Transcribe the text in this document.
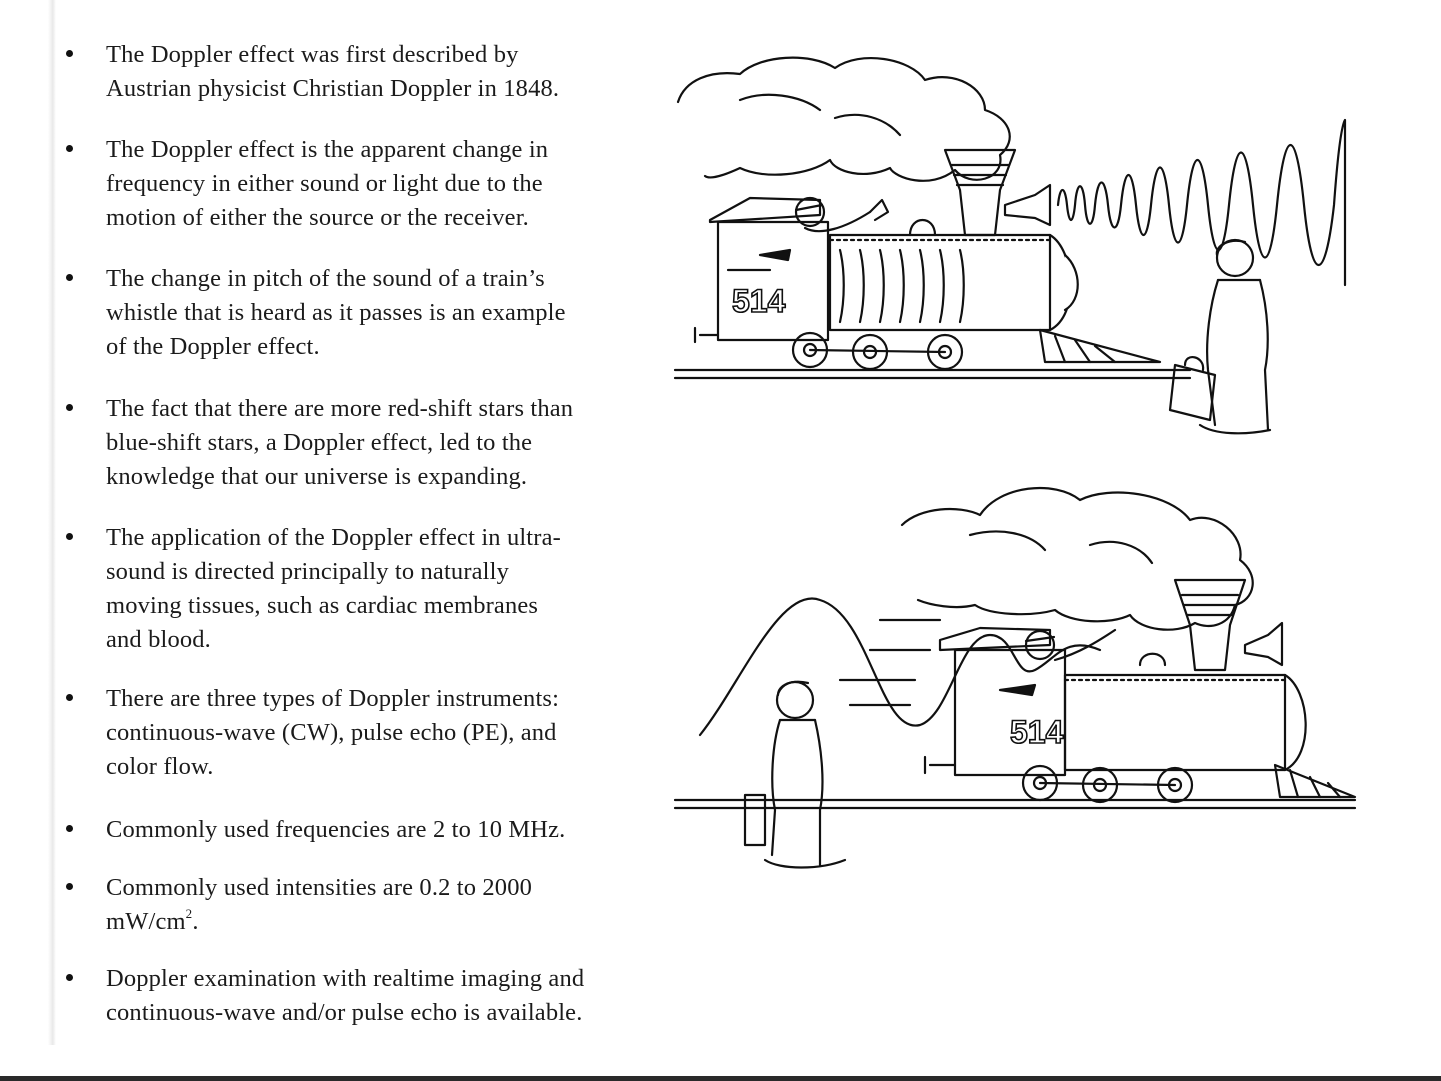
The Doppler effect was first described by
Austrian physicist Christian Doppler in 1848.
The Doppler effect is the apparent change in
frequency in either sound or light due to the
motion of either the source or the receiver.
The change in pitch of the sound of a train’s
whistle that is heard as it passes is an example
of the Doppler effect.
The fact that there are more red-shift stars than
blue-shift stars, a Doppler effect, led to the
knowledge that our universe is expanding.
The application of the Doppler effect in ultra-
sound is directed principally to naturally
moving tissues, such as cardiac membranes
and blood.
There are three types of Doppler instruments:
continuous-wave (CW), pulse echo (PE), and
color flow.
Commonly used frequencies are 2 to 10 MHz.
Commonly used intensities are 0.2 to 2000
$mW/cm^2$.
Doppler examination with realtime imaging and
continuous-wave and/or pulse echo is available.
514
514
